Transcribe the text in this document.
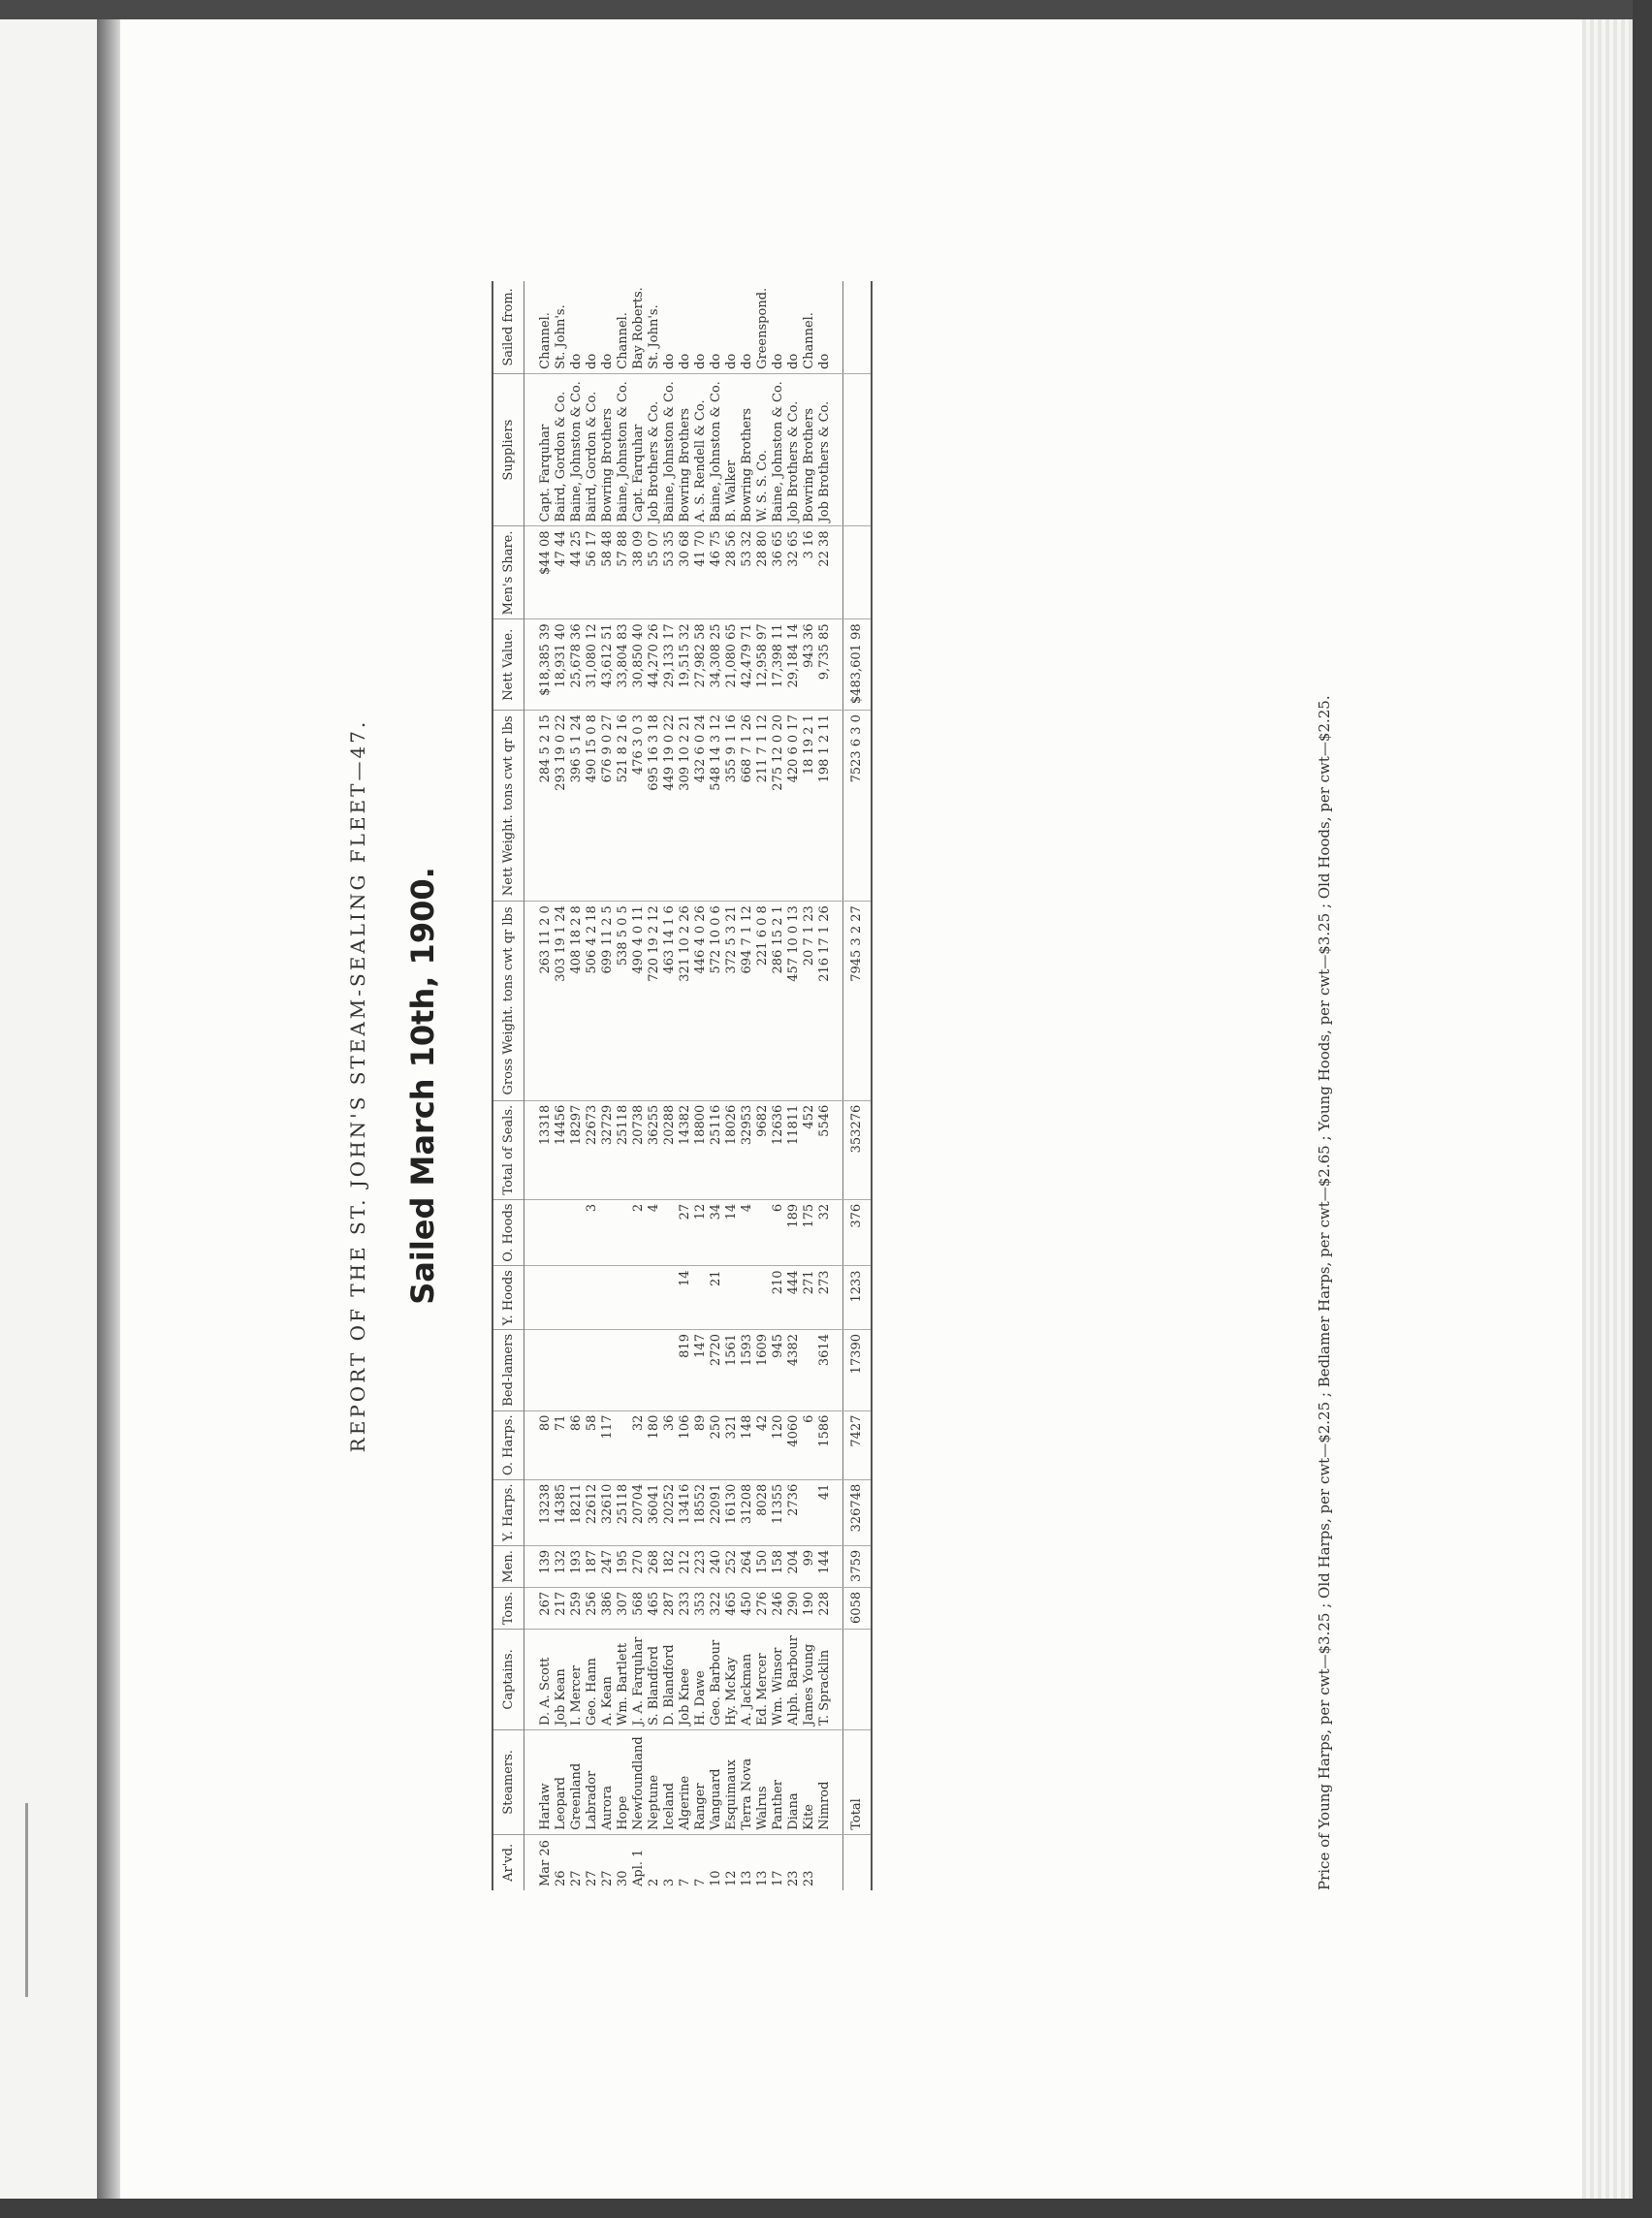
REPORT OF THE ST. JOHN'S STEAM-SEALING FLEET—47. Sailed March 10th, 1900.
Ar'vd.	Steamers.	Captains.	Tons.	Men.	Y. Harps.	O. Harps.	Bed-lamers	Y. Hoods	O. Hoods	Total of Seals.	Gross Weight. tons cwt qr lbs	Nett Weight. tons cwt qr lbs	Nett Value.	Men's Share.	Suppliers	Sailed from.
Mar 26	Harlaw	D. A. Scott	267	139	13238	80				13318	263 11 2 0	284 5 2 15	$18,385 39	$44 08	Capt. Farquhar	Channel.
26	Leopard	Job Kean	217	132	14385	71				14456	303 19 1 24	293 19 0 22	18,931 40	47 44	Baird, Gordon & Co.	St. John's.
27	Greenland	I. Mercer	259	193	18211	86				18297	408 18 2 8	396 5 1 24	25,678 36	44 25	Baine, Johnston & Co.	do
27	Labrador	Geo. Hann	256	187	22612	58			3	22673	506 4 2 18	490 15 0 8	31,080 12	56 17	Baird, Gordon & Co.	do
27	Aurora	A. Kean	386	247	32610	117				32729	699 11 2 5	676 9 0 27	43,612 51	58 48	Bowring Brothers	do
30	Hope	Wm. Bartlett	307	195	25118					25118	538 5 0 5	521 8 2 16	33,804 83	57 88	Baine, Johnston & Co.	Channel.
Apl. 1	Newfoundland	J. A. Farquhar	568	270	20704	32			2	20738	490 4 0 11	476 3 0 3	30,850 40	38 09	Capt. Farquhar	Bay Roberts.
2	Neptune	S. Blandford	465	268	36041	180			4	36255	720 19 2 12	695 16 3 18	44,270 26	55 07	Job Brothers & Co.	St. John's.
3	Iceland	D. Blandford	287	182	20252	36				20288	463 14 1 6	449 19 0 22	29,133 17	53 35	Baine, Johnston & Co.	do
7	Algerine	Job Knee	233	212	13416	106	819	14	27	14382	321 10 2 26	309 10 2 21	19,515 32	30 68	Bowring Brothers	do
7	Ranger	H. Dawe	353	223	18552	89	147		12	18800	446 4 0 26	432 6 0 24	27,982 58	41 70	A. S. Rendell & Co.	do
10	Vanguard	Geo. Barbour	322	240	22091	250	2720	21	34	25116	572 10 0 6	548 14 3 12	34,308 25	46 75	Baine, Johnston & Co.	do
12	Esquimaux	Hy. McKay	465	252	16130	321	1561		14	18026	372 5 3 21	355 9 1 16	21,080 65	28 56	B. Walker	do
13	Terra Nova	A. Jackman	450	264	31208	148	1593		4	32953	694 7 1 12	668 7 1 26	42,479 71	53 32	Bowring Brothers	do
13	Walrus	Ed. Mercer	276	150	8028	42	1609			9682	221 6 0 8	211 7 1 12	12,958 97	28 80	W. S. S. Co.	Greenspond.
17	Panther	Wm. Winsor	246	158	11355	120	945	210	6	12636	286 15 2 1	275 12 0 20	17,398 11	36 65	Baine, Johnston & Co.	do
23	Diana	Alph. Barbour	290	204	2736	4060	4382	444	189	11811	457 10 0 13	420 6 0 17	29,184 14	32 65	Job Brothers & Co.	do
23	Kite	James Young	190	99		6		271	175	452	20 7 1 23	18 19 2 1	943 36	3 16	Bowring Brothers	Channel.
	Nimrod	T. Spracklin	228	144	41	1586	3614	273	32	5546	216 17 1 26	198 1 2 11	9,735 85	22 38	Job Brothers & Co.	do
	Total		6058	3759	326748	7427	17390	1233	376	353276	7945 3 2 27	7523 6 3 0	$483,601 98			
Price of Young Harps, per cwt—$3.25 ; Old Harps, per cwt—$2.25 ; Bedlamer Harps, per cwt—$2.65 ; Young Hoods, per cwt—$3.25 ; Old Hoods, per cwt—$2.25.
